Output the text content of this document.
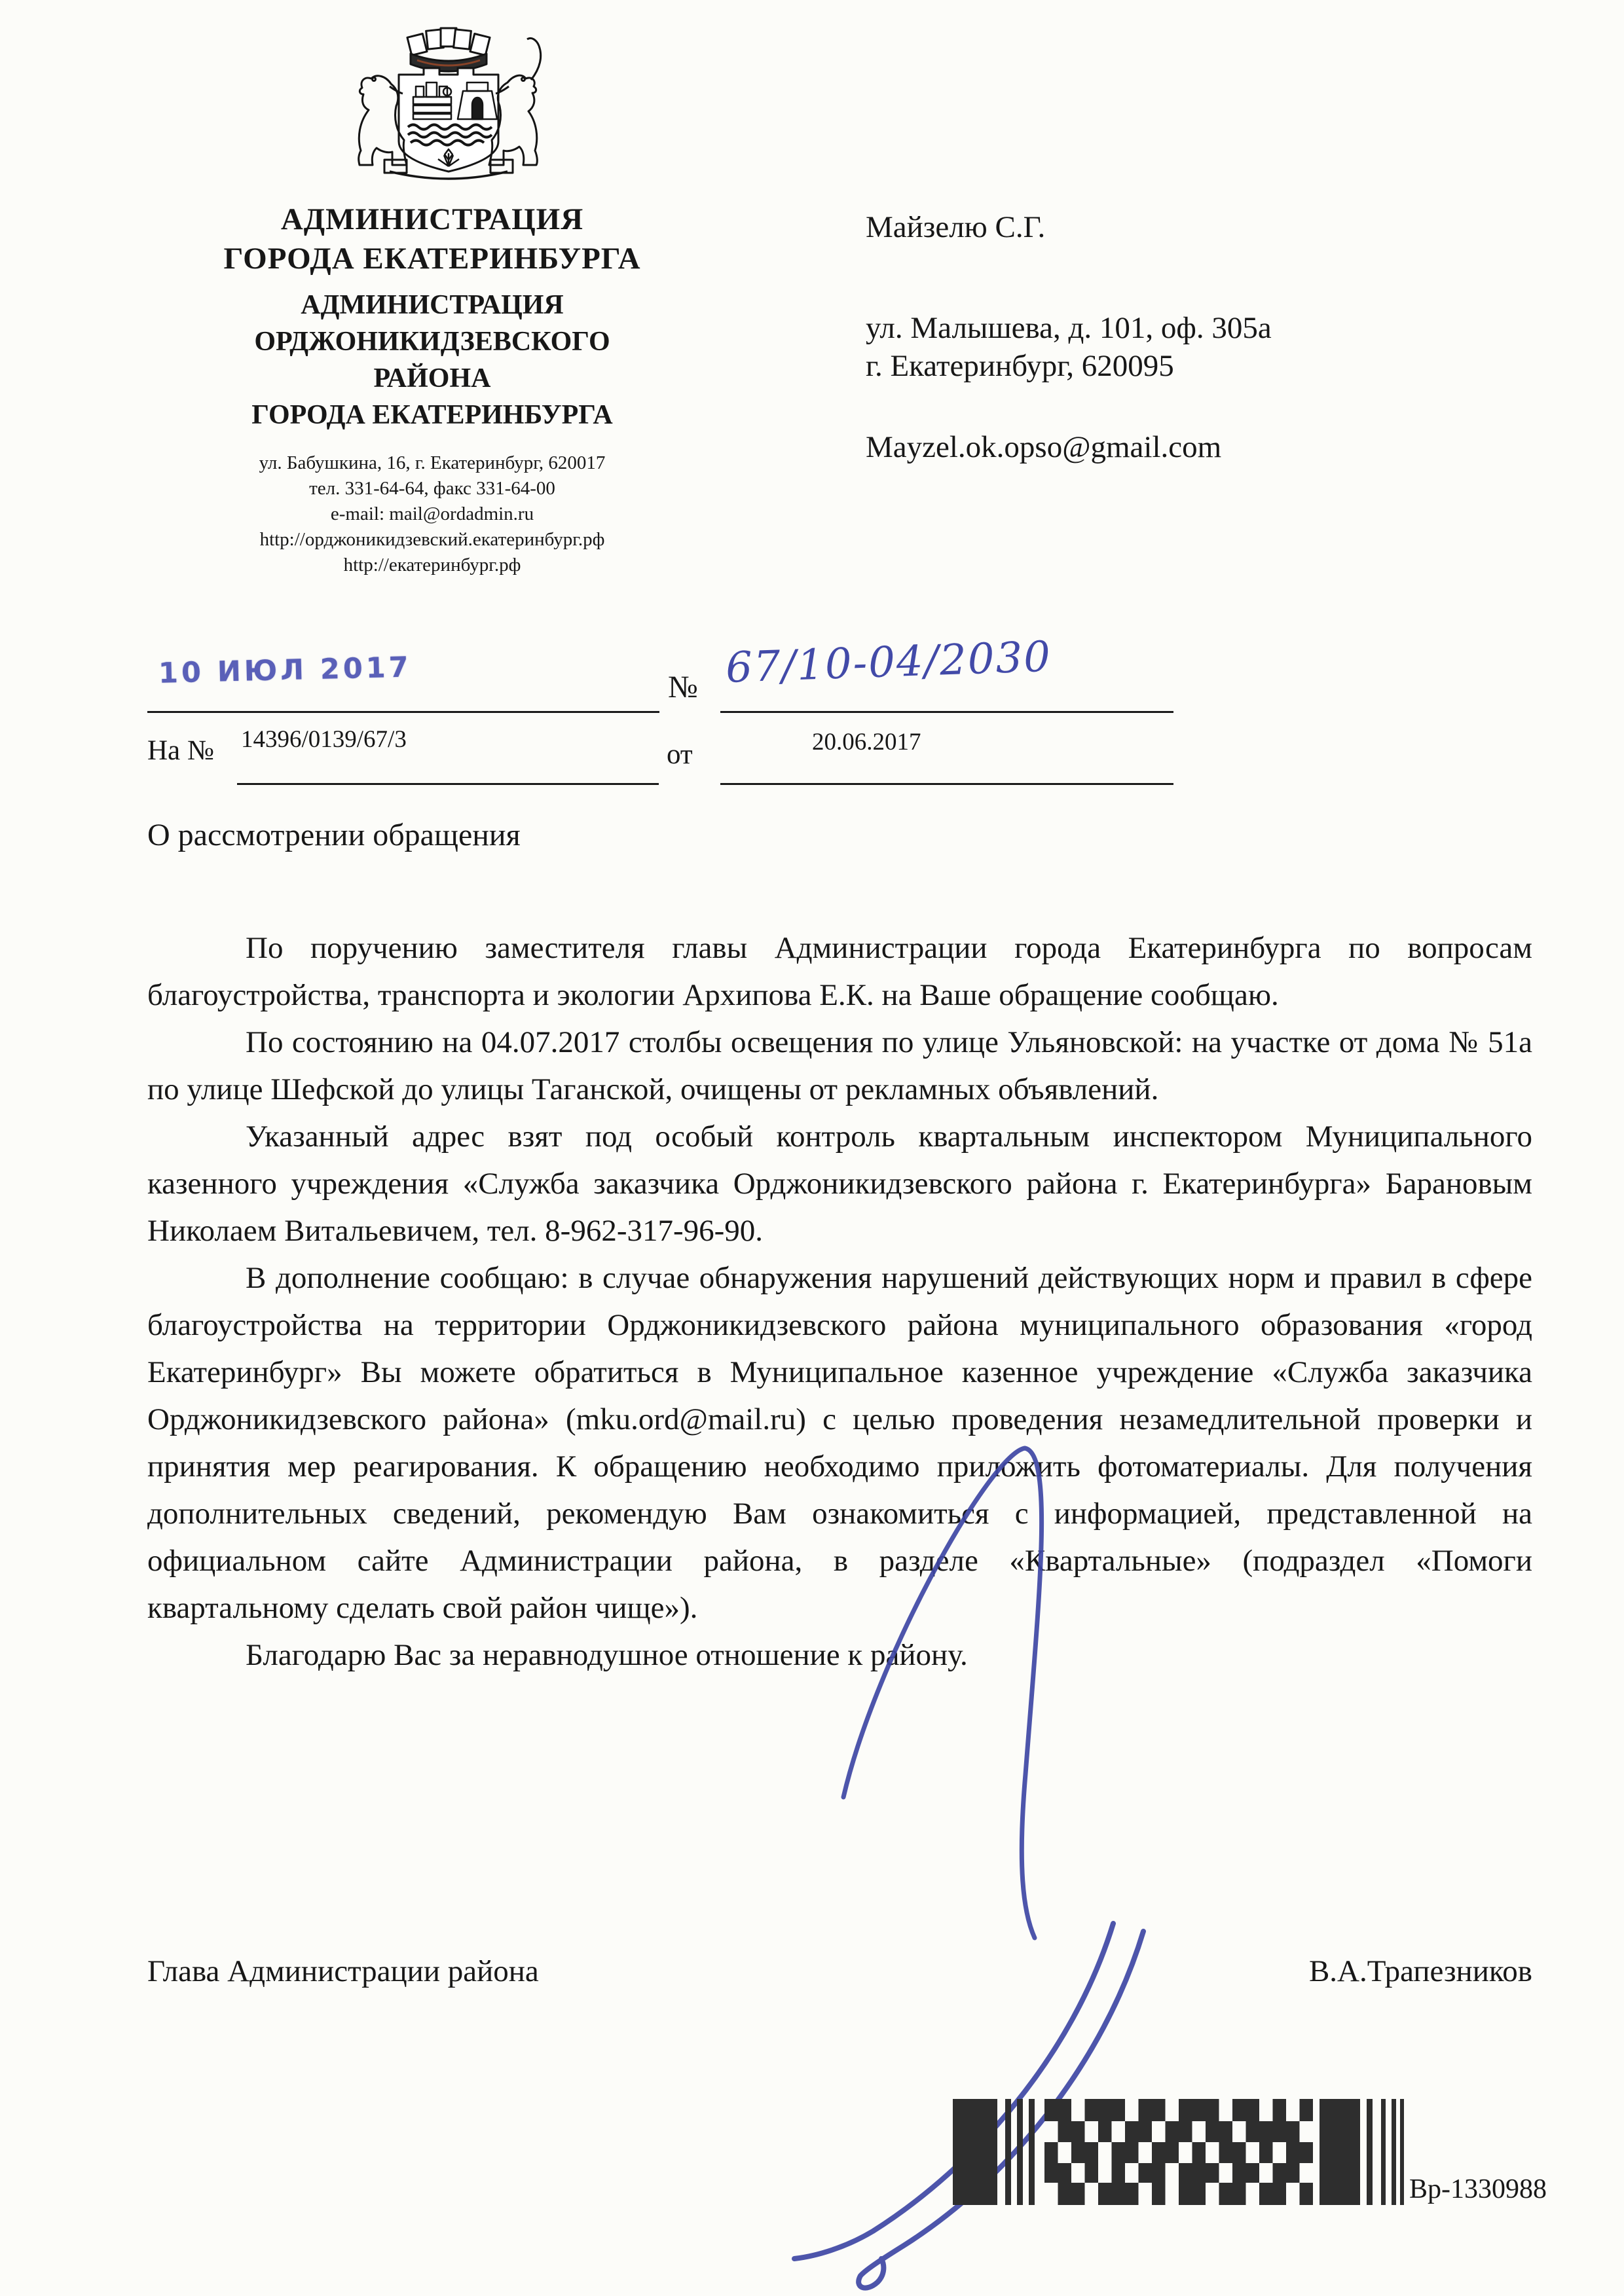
АДМИНИСТРАЦИЯ
ГОРОДА ЕКАТЕРИНБУРГА
АДМИНИСТРАЦИЯ
ОРДЖОНИКИДЗЕВСКОГО
РАЙОНА
ГОРОДА ЕКАТЕРИНБУРГА
ул. Бабушкина, 16, г. Екатеринбург, 620017
тел. 331-64-64, факс 331-64-00
e-mail: mail@ordadmin.ru
http://орджоникидзевский.екатеринбург.рф
http://екатеринбург.рф
Майзелю С.Г.
ул. Малышева, д. 101, оф. 305а
г. Екатеринбург, 620095
Mayzel.ok.opso@gmail.com
10 ИЮЛ 2017	№ 67/10-04/2030
На № 14396/0139/67/3	от	20.06.2017
О рассмотрении обращения

По поручению заместителя главы Администрации города Екатеринбурга по вопросам благоустройства, транспорта и экологии Архипова Е.К. на Ваше обращение сообщаю.

По состоянию на 04.07.2017 столбы освещения по улице Ульяновской: на участке от дома № 51а по улице Шефской до улицы Таганской, очищены от рекламных объявлений.

Указанный адрес взят под особый контроль квартальным инспектором Муниципального казенного учреждения «Служба заказчика Орджоникидзевского района г. Екатеринбурга» Барановым Николаем Витальевичем, тел. 8-962-317-96-90.

В дополнение сообщаю: в случае обнаружения нарушений действующих норм и правил в сфере благоустройства на территории Орджоникидзевского района муниципального образования «город Екатеринбург» Вы можете обратиться в Муниципальное казенное учреждение «Служба заказчика Орджоникидзевского района» (mku.ord@mail.ru) с целью проведения незамедлительной проверки и принятия мер реагирования. К обращению необходимо приложить фотоматериалы. Для получения дополнительных сведений, рекомендую Вам ознакомиться с информацией, представленной на официальном сайте Администрации района, в разделе «Квартальные» (подраздел «Помоги квартальному сделать свой район чище»).

Благодарю Вас за неравнодушное отношение к району.

Глава Администрации района	В.А.Трапезников
Вр-1330988
